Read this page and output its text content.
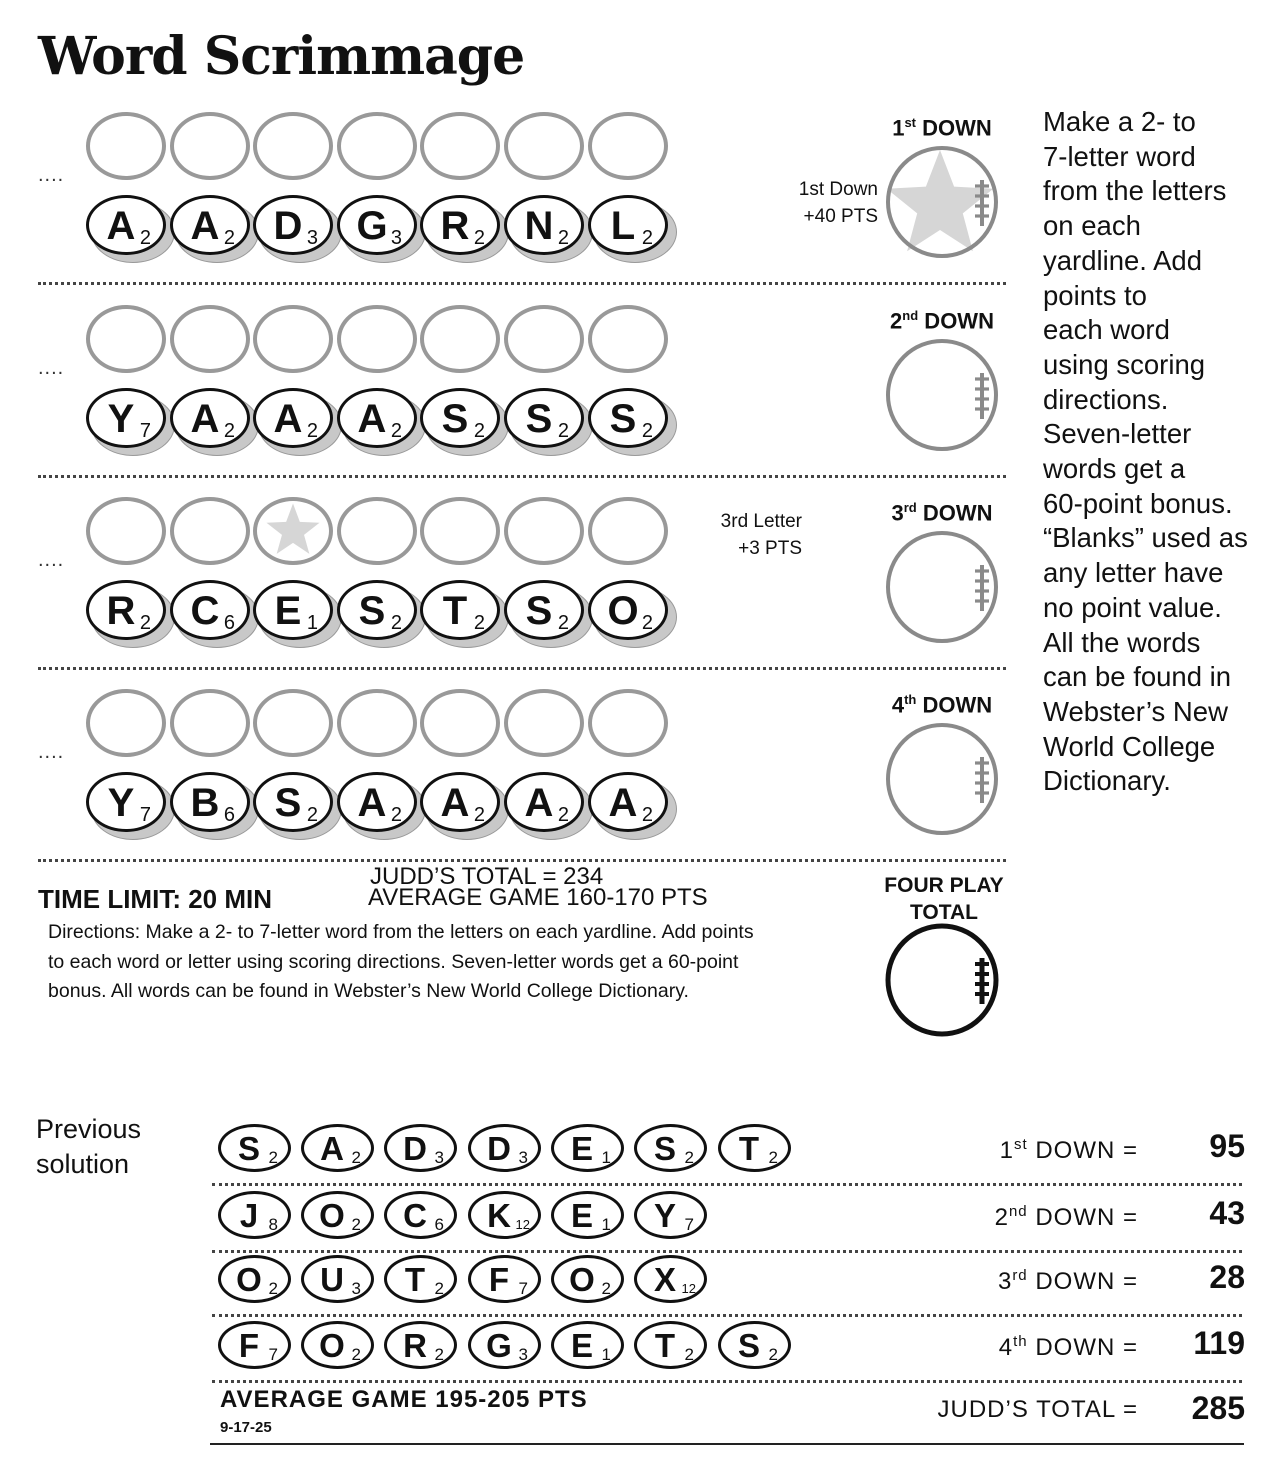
Word Scrimmage
....
A 2 A 2 D 3 G 3 R 2 N 2	L 2
1st DOWN
1st Down
+40 PTS
....
Y 7 A 2 A 2 A 2 S 2	S 2	S 2
2nd DOWN
....
R 2 C 6 E 1	S 2	T 2	S 2 O 2
3rd DOWN
3rd Letter
+3 PTS
....
Y 7 B 6 S 2 A 2 A 2 A 2 A 2
4th DOWN
Make a 2- to
7-letter word
from the letters
on each
yardline. Add
points to
each word
using scoring
directions.
Seven-letter
words get a
60-point bonus.
“Blanks” used as
any letter have
no point value.
All the words
can be found in
Webster’s New
World College
Dictionary.
TIME LIMIT: 20 MIN
JUDD’S TOTAL = 234
AVERAGE GAME 160-170 PTS
Directions: Make a 2- to 7-letter word from the letters on each yardline. Add points
to each word or letter using scoring directions. Seven-letter words get a 60-point
bonus. All words can be found in Webster’s New World College Dictionary.
FOUR PLAY
TOTAL
Previous
solution	S 2	A 2	D 3	D 3	E 1	S 2	T 2	1st DOWN =	95
J 8	O 2	C 6	K 12	E 1	Y 7	2nd DOWN =	43
O 2	U 3	T 2	F 7	O 2	X 12	3rd DOWN =	28
F 7	O 2	R 2	G 3	E 1	T 2	S 2	4th DOWN =	119
AVERAGE GAME 195-205 PTS
9-17-25
JUDD’S TOTAL =	285
